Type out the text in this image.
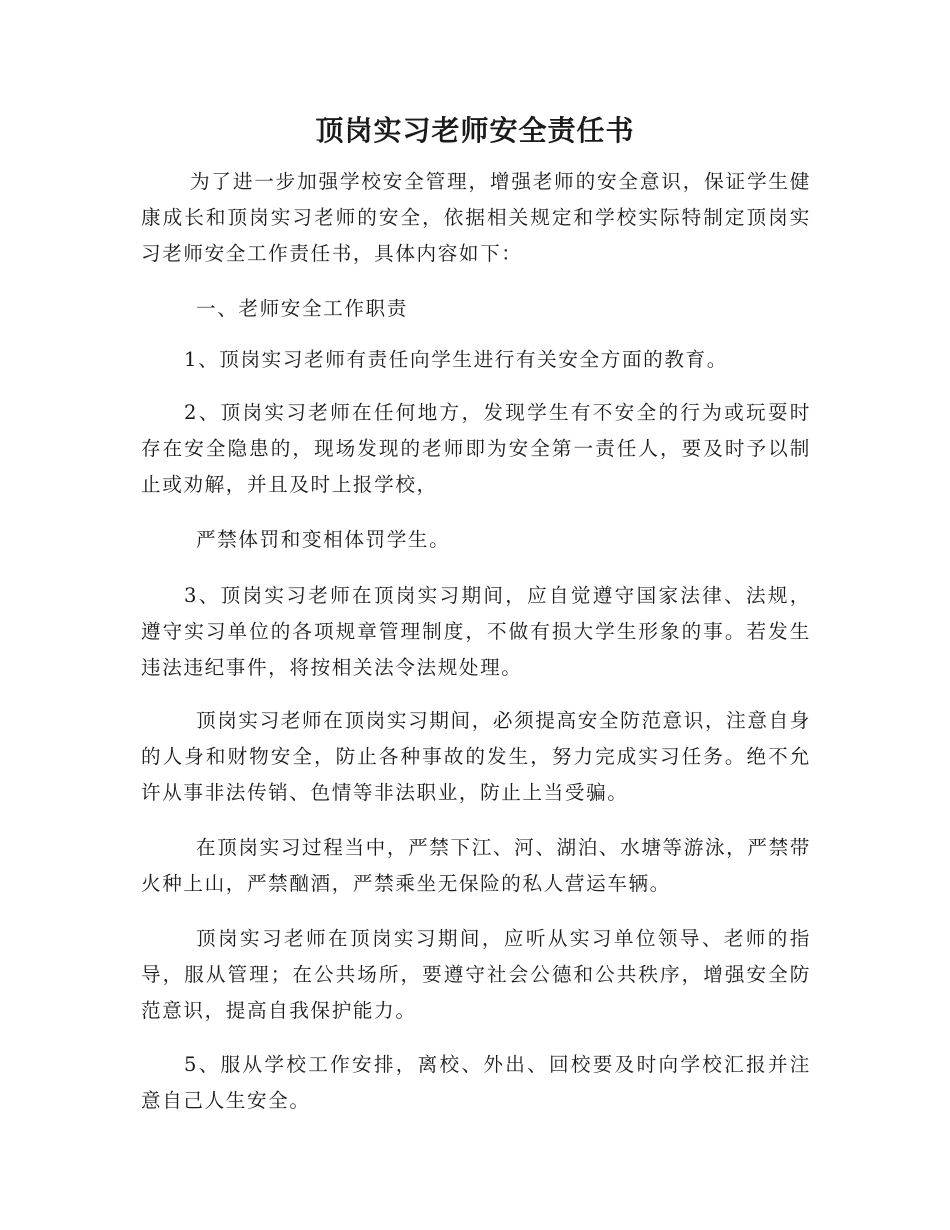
顶岗实习老师安全责任书

为了进一步加强学校安全管理，增强老师的安全意识，保证学生健康成长和顶岗实习老师的安全，依据相关规定和学校实际特制定顶岗实习老师安全工作责任书，具体内容如下：

一、老师安全工作职责

1、顶岗实习老师有责任向学生进行有关安全方面的教育。

2、顶岗实习老师在任何地方，发现学生有不安全的行为或玩耍时存在安全隐患的，现场发现的老师即为安全第一责任人，要及时予以制止或劝解，并且及时上报学校，

严禁体罚和变相体罚学生。

3、顶岗实习老师在顶岗实习期间，应自觉遵守国家法律、法规，遵守实习单位的各项规章管理制度，不做有损大学生形象的事。若发生违法违纪事件，将按相关法令法规处理。

顶岗实习老师在顶岗实习期间，必须提高安全防范意识，注意自身的人身和财物安全，防止各种事故的发生，努力完成实习任务。绝不允许从事非法传销、色情等非法职业，防止上当受骗。

在顶岗实习过程当中，严禁下江、河、湖泊、水塘等游泳，严禁带火种上山，严禁酗酒，严禁乘坐无保险的私人营运车辆。

顶岗实习老师在顶岗实习期间，应听从实习单位领导、老师的指导，服从管理；在公共场所，要遵守社会公德和公共秩序，增强安全防范意识，提高自我保护能力。

5、服从学校工作安排，离校、外出、回校要及时向学校汇报并注意自己人生安全。
